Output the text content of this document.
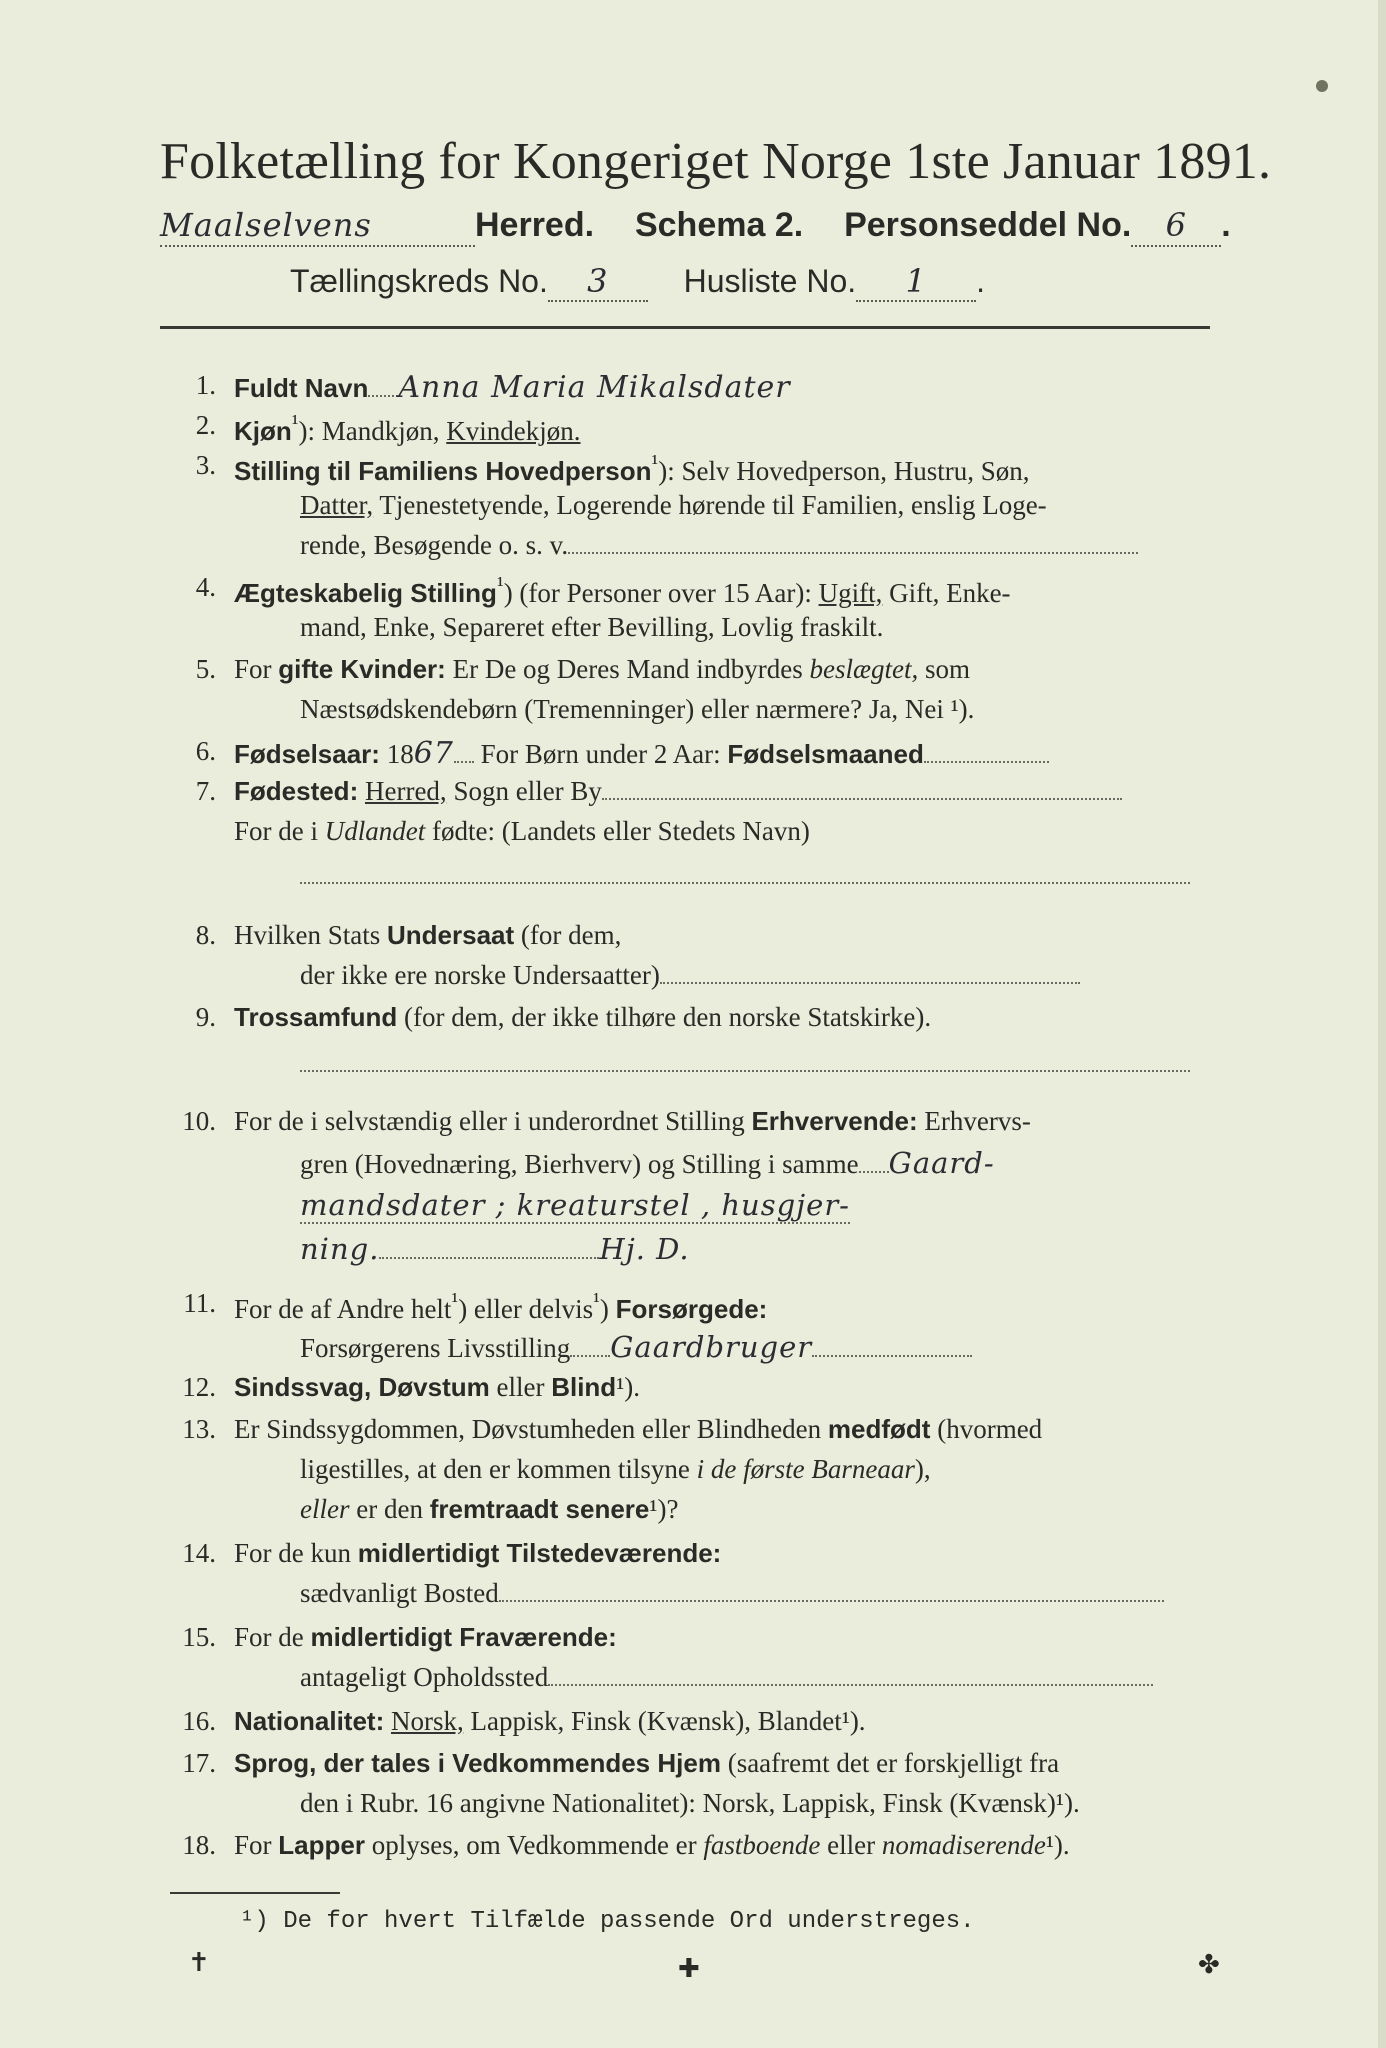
Folketælling for Kongeriget Norge 1ste Januar 1891.
Maalselvens	Herred. Schema 2. Personseddel No. 6 .
Tællingskreds No. 3 Husliste No. 1 .
1. Fuldt Navn Anna Maria Mikalsdater
2. Kjøn$^{^1}$): Mandkjøn, Kvindekjøn.
3. Stilling til Familiens Hovedperson$^{^1}$): Selv Hovedperson, Hustru, Søn,
Datter, Tjenestetyende, Logerende hørende til Familien, enslig Loge-
rende, Besøgende o. s. v.
4. Ægteskabelig Stilling$^{^1}$) (for Personer over 15 Aar): Ugift, Gift, Enke-
mand, Enke, Separeret efter Bevilling, Lovlig fraskilt.
5. For gifte Kvinder: Er De og Deres Mand indbyrdes beslægtet, som
Næstsødskendebørn (Tremenninger) eller nærmere? Ja, Nei ¹).
6. Fødselsaar: 1867 For Børn under 2 Aar: Fødselsmaaned
7. Fødested: Herred, Sogn eller By
For de i Udlandet fødte: (Landets eller Stedets Navn)
8. Hvilken Stats Undersaat (for dem,
der ikke ere norske Undersaatter)
9. Trossamfund (for dem, der ikke tilhøre den norske Statskirke).
10. For de i selvstændig eller i underordnet Stilling Erhvervende: Erhvervs-
gren (Hovednæring, Bierhverv) og Stilling i samme Gaard-
mandsdater ; kreaturstel , husgjer-
ning.	Hj. D.
11. For de af Andre helt$^{^1}$) eller delvis$^{^1}$) Forsørgede:
Forsørgerens Livsstilling Gaardbruger
12. Sindssvag, Døvstum eller Blind¹).
13. Er Sindssygdommen, Døvstumheden eller Blindheden medfødt (hvormed
ligestilles, at den er kommen tilsyne i de første Barneaar),
eller er den fremtraadt senere¹)?
14. For de kun midlertidigt Tilstedeværende:
sædvanligt Bosted
15. For de midlertidigt Fraværende:
antageligt Opholdssted
16. Nationalitet: Norsk, Lappisk, Finsk (Kvænsk), Blandet¹).
17. Sprog, der tales i Vedkommendes Hjem (saafremt det er forskjelligt fra
den i Rubr. 16 angivne Nationalitet): Norsk, Lappisk, Finsk (Kvænsk)¹).
18. For Lapper oplyses, om Vedkommende er fastboende eller nomadiserende¹).
¹) De for hvert Tilfælde passende Ord understreges.
✝	✚	✤
